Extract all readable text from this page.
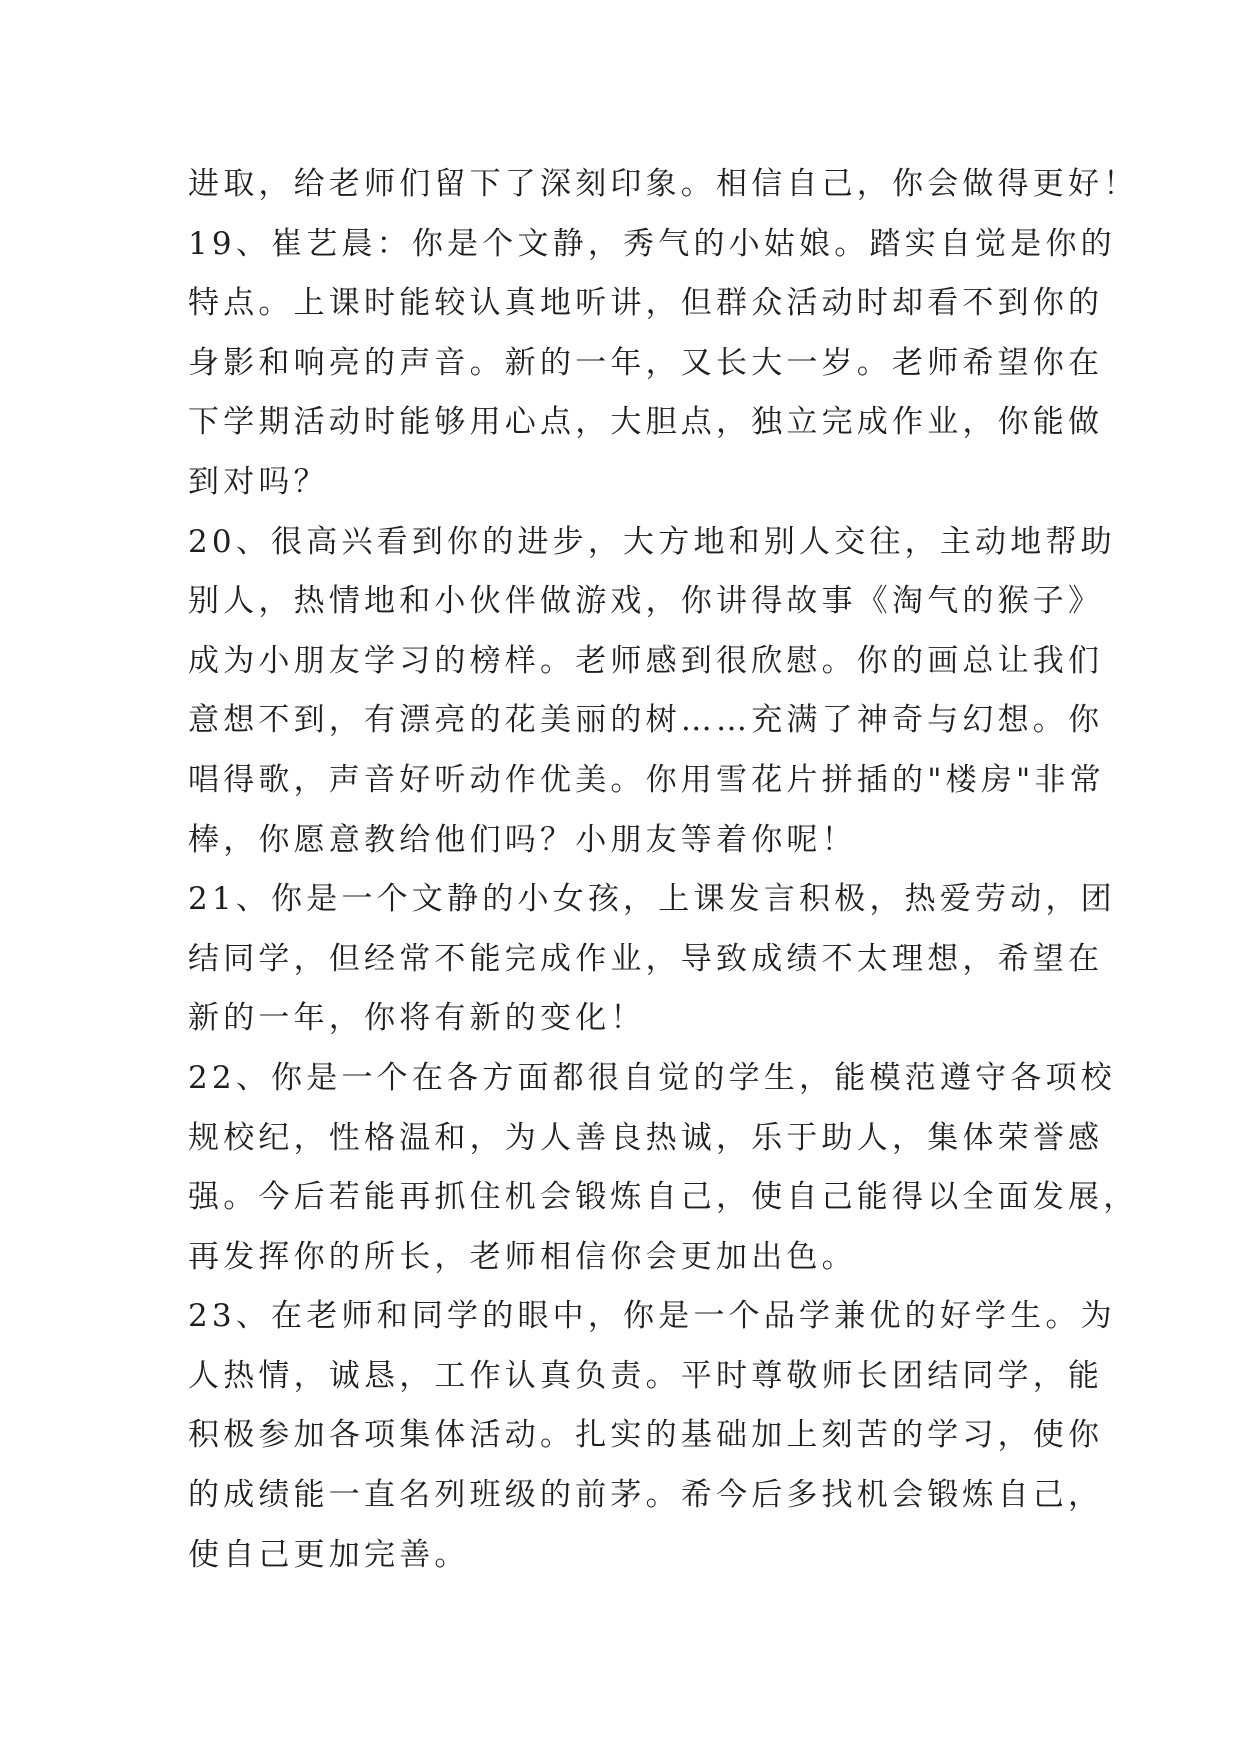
进取，给老师们留下了深刻印象。相信自己，你会做得更好！
19、崔艺晨：你是个文静，秀气的小姑娘。踏实自觉是你的
特点。上课时能较认真地听讲，但群众活动时却看不到你的
身影和响亮的声音。新的一年，又长大一岁。老师希望你在
下学期活动时能够用心点，大胆点，独立完成作业，你能做
到对吗？
20、很高兴看到你的进步，大方地和别人交往，主动地帮助
别人，热情地和小伙伴做游戏，你讲得故事《淘气的猴子》
成为小朋友学习的榜样。老师感到很欣慰。你的画总让我们
意想不到，有漂亮的花美丽的树……充满了神奇与幻想。你
唱得歌，声音好听动作优美。你用雪花片拼插的"楼房"非常
棒，你愿意教给他们吗？小朋友等着你呢！
21、你是一个文静的小女孩，上课发言积极，热爱劳动，团
结同学，但经常不能完成作业，导致成绩不太理想，希望在
新的一年，你将有新的变化！
22、你是一个在各方面都很自觉的学生，能模范遵守各项校
规校纪，性格温和，为人善良热诚，乐于助人，集体荣誉感
强。今后若能再抓住机会锻炼自己，使自己能得以全面发展，
再发挥你的所长，老师相信你会更加出色。
23、在老师和同学的眼中，你是一个品学兼优的好学生。为
人热情，诚恳，工作认真负责。平时尊敬师长团结同学，能
积极参加各项集体活动。扎实的基础加上刻苦的学习，使你
的成绩能一直名列班级的前茅。希今后多找机会锻炼自己，
使自己更加完善。
